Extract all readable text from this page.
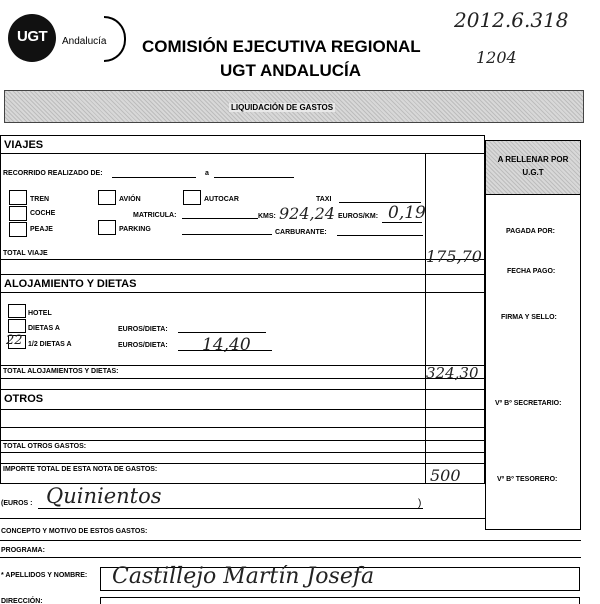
UGT Andalucía COMISIÓN EJECUTIVA REGIONAL
UGT ANDALUCÍA
2012.6.318
1204
LIQUIDACIÓN DE GASTOS
VIAJES
RECORRIDO REALIZADO DE:	a
TREN
COCHE
PEAJE
AVIÓN
PARKING
AUTOCAR	TAXI
MATRICULA:	KMS: 924,24 EUROS/KM: 0,19
CARBURANTE:
TOTAL VIAJE	175,70
ALOJAMIENTO Y DIETAS
HOTEL
DIETAS A
22 1/2 DIETAS A
EUROS/DIETA:
EUROS/DIETA: 14,40
TOTAL ALOJAMIENTOS Y DIETAS:	324,30
OTROS
TOTAL OTROS GASTOS:
IMPORTE TOTAL DE ESTA NOTA DE GASTOS:	500
A RELLENAR POR U.G.T
PAGADA POR:
FECHA PAGO:
FIRMA Y SELLO:
Vº Bº SECRETARIO:
Vº Bº TESORERO:
(EUROS : Quinientos	)
CONCEPTO Y MOTIVO DE ESTOS GASTOS:
PROGRAMA:
* APELLIDOS Y NOMBRE: Castillejo Martín Josefa
DIRECCIÓN:
